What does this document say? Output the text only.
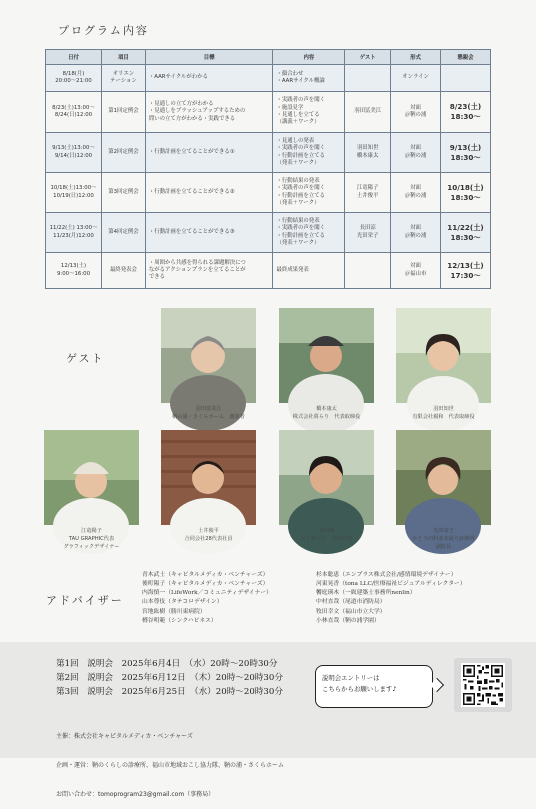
プログラム内容
日付	項目	目標	内容	ゲスト	形式	懇親会
8/18(月)
20:00〜21:00	オリエン
テーション	・AARサイクルがわかる	・顔合わせ
・AARサイクル概論		オンライン	
8/23(土)13:00〜
8/24(日)12:00	第1回定例会	・見通しの立て方がわかる
・見通しをブラッシュアップするための
問いの立て方がわかる・実践できる	・実践者の声を聞く
・施設見学
・見通しを立てる
（講義＋ワーク）	羽田冨美江	対面
＠鞆の浦	8/23(土)
18:30〜
9/13(土)13:00〜
9/14(日)12:00	第2回定例会	・行動計画を立てることができる①	・見通しの発表
・実践者の声を聞く
・行動計画を立てる
（発表＋ワーク）	羽田知世
橋本康太	対面
＠鞆の浦	9/13(土)
18:30〜
10/18(土)13:00〜
10/19(日)12:00	第3回定例会	・行動計画を立てることができる②	・行動結果の発表
・実践者の声を聞く
・行動計画を立てる
（発表＋ワーク）	江竜陽子
土井俊平	対面
＠鞆の浦	10/18(土)
18:30〜
11/22(土) 13:00〜
11/23(月)12:00	第4回定例会	・行動計画を立てることができる③	・行動結果の発表
・実践者の声を聞く
・行動計画を立てる
（発表＋ワーク）	長田涼
光田栄子	対面
＠鞆の浦	11/22(土)
18:30〜
12/13(土)
9:00〜16:00	最終発表会	・周囲から共感を得られる課題解決につ
ながるアクションプランを立てることが
できる	最終成果発表		対面
＠福山市	12/13(土)
17:30〜
ゲスト
羽田冨美江
鞆の浦・さくらホーム　創設者
橋本康太
株式会社暮らり　代表取締役
羽田知世
有限会社親和　代表取締役
江竜陽子
TAU GRAPHIC代表
グラフィックデザイナー
土井俊平
合同会社28代表社員
長田涼
コト暮らし　共同代表
光田栄子
かとう内科並木通り診療所
副院長
アドバイザー
青木武士（キャピタルメディカ・ベンチャーズ）
後町陽子（キャピタルメディカ・ベンチャーズ）
内海慎一（LifeWork／コミュニティデザイナー）
山本尊伎（タテコロデザイン）
宮地紘樹（勝川東病院）
樽谷明範（シンクハピネス）
杉本聡恵（エンプラス株式会社/感情環境デザイナー）
河東晃香（tona LLC/医療福祉ビジュアルディレクター）
饗庭瑛木（一級建築士事務所nenlin）
中村直哉（尾道市消防局）
牧田幸文（福山市立大学）
小林直哉（鞆の浦学園）
第1回　説明会　2025年6月4日　（水）20時〜20時30分
第2回　説明会　2025年6月12日　（木）20時〜20時30分
第3回　説明会　2025年6月25日　（水）20時〜20時30分
説明会エントリーは
こちらからお願いします♪

主催：株式会社キャピタルメディカ・ベンチャーズ

企画・運営：鞆のくらしの診療所、福山市地域おこし協力隊、鞆の浦・さくらホーム

お問い合わせ：tomoprogram23@gmail.com（事務局）
